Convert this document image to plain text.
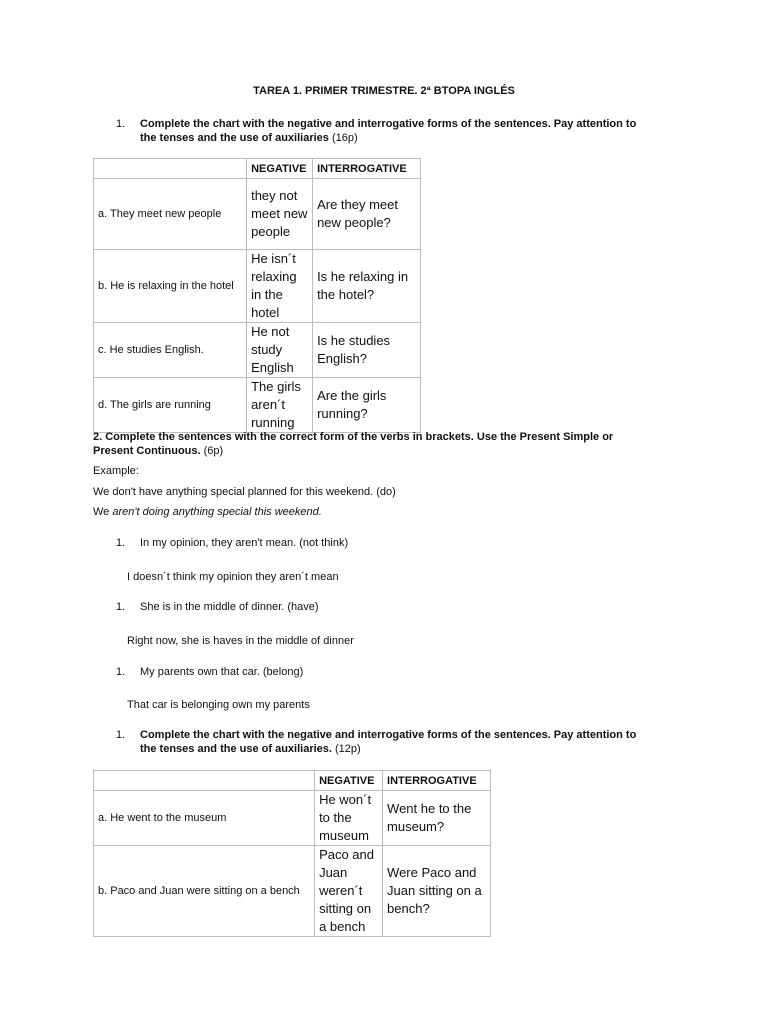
TAREA 1. PRIMER TRIMESTRE. 2ª BTOPA INGLÉS
1. Complete the chart with the negative and interrogative forms of the sentences. Pay attention to
the tenses and the use of auxiliaries (16p)
	NEGATIVE	INTERROGATIVE
a. They meet new people	they not meet new people	Are they meet new people?
b. He is relaxing in the hotel	He isn´t relaxing in the hotel	Is he relaxing in the hotel?
c. He studies English.	He not study English	Is he studies English?
d. The girls are running	The girls aren´t running	Are the girls running?
2. Complete the sentences with the correct form of the verbs in brackets. Use the Present Simple or
Present Continuous. (6p)
Example:
We don't have anything special planned for this weekend. (do)
We aren't doing anything special this weekend.
1. In my opinion, they aren't mean. (not think)
I doesn´t think my opinion they aren´t mean
1. She is in the middle of dinner. (have)
Right now, she is haves in the middle of dinner
1. My parents own that car. (belong)
That car is belonging own my parents
1. Complete the chart with the negative and interrogative forms of the sentences. Pay attention to
the tenses and the use of auxiliaries. (12p)
	NEGATIVE	INTERROGATIVE
a. He went to the museum	He won´t to the museum	Went he to the museum?
b. Paco and Juan were sitting on a bench	Paco and Juan weren´t sitting on a bench	Were Paco and Juan sitting on a bench?
